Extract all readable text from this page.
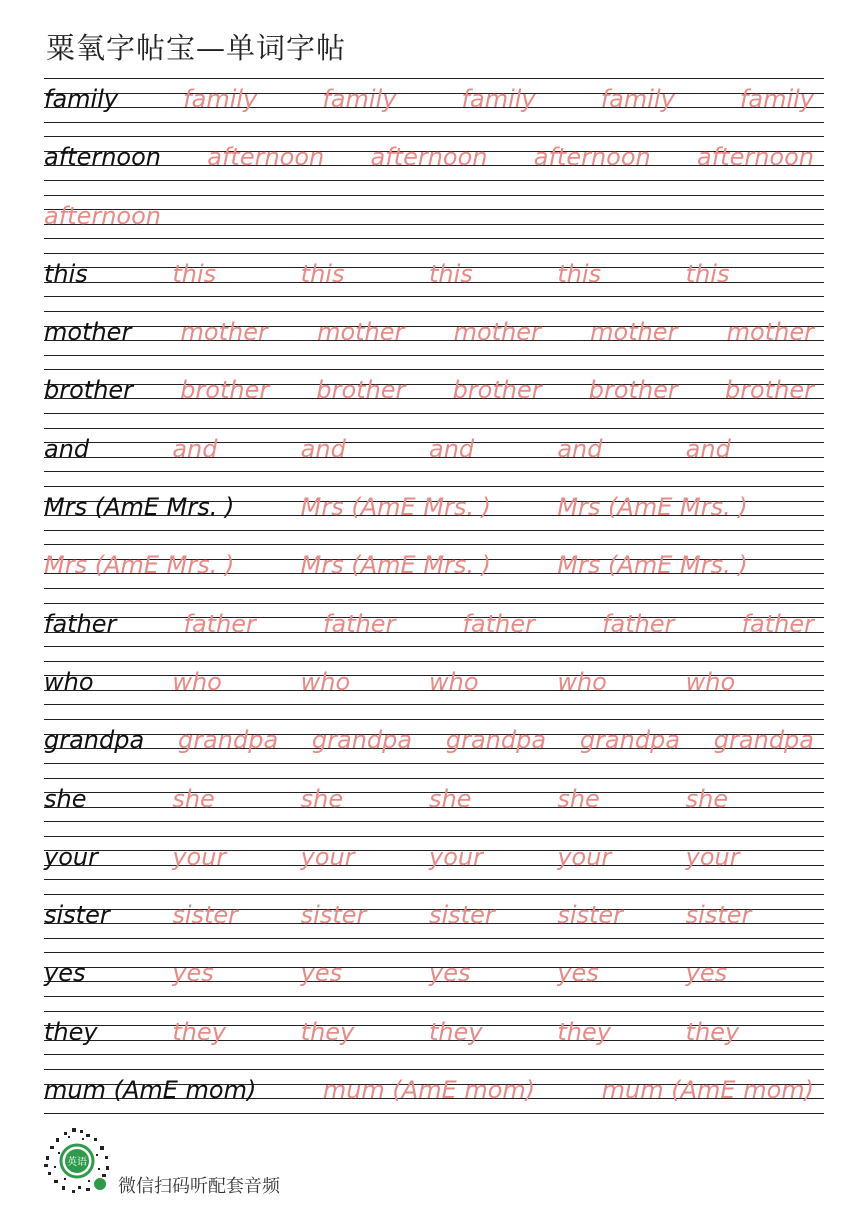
粟氧字帖宝—单词字帖
family	family	family	family	family	family
afternoon afternoon afternoon afternoon afternoon
afternoon
this	this	this	this	this	this
mother mother mother mother mother mother
brother brother brother brother brother brother
and	and	and	and	and	and
Mrs (AmE Mrs. )	Mrs (AmE Mrs. )	Mrs (AmE Mrs. )
Mrs (AmE Mrs. )	Mrs (AmE Mrs. )	Mrs (AmE Mrs. )
father	father	father	father	father	father
who	who	who	who	who	who
grandpa grandpa grandpa grandpa grandpa grandpa
she	she	she	she	she	she
your	your	your	your	your	your
sister	sister	sister	sister	sister	sister
yes	yes	yes	yes	yes	yes
they	they	they	they	they	they
mum (AmE mom)	mum (AmE mom)	mum (AmE mom)
英语
微信扫码听配套音频
